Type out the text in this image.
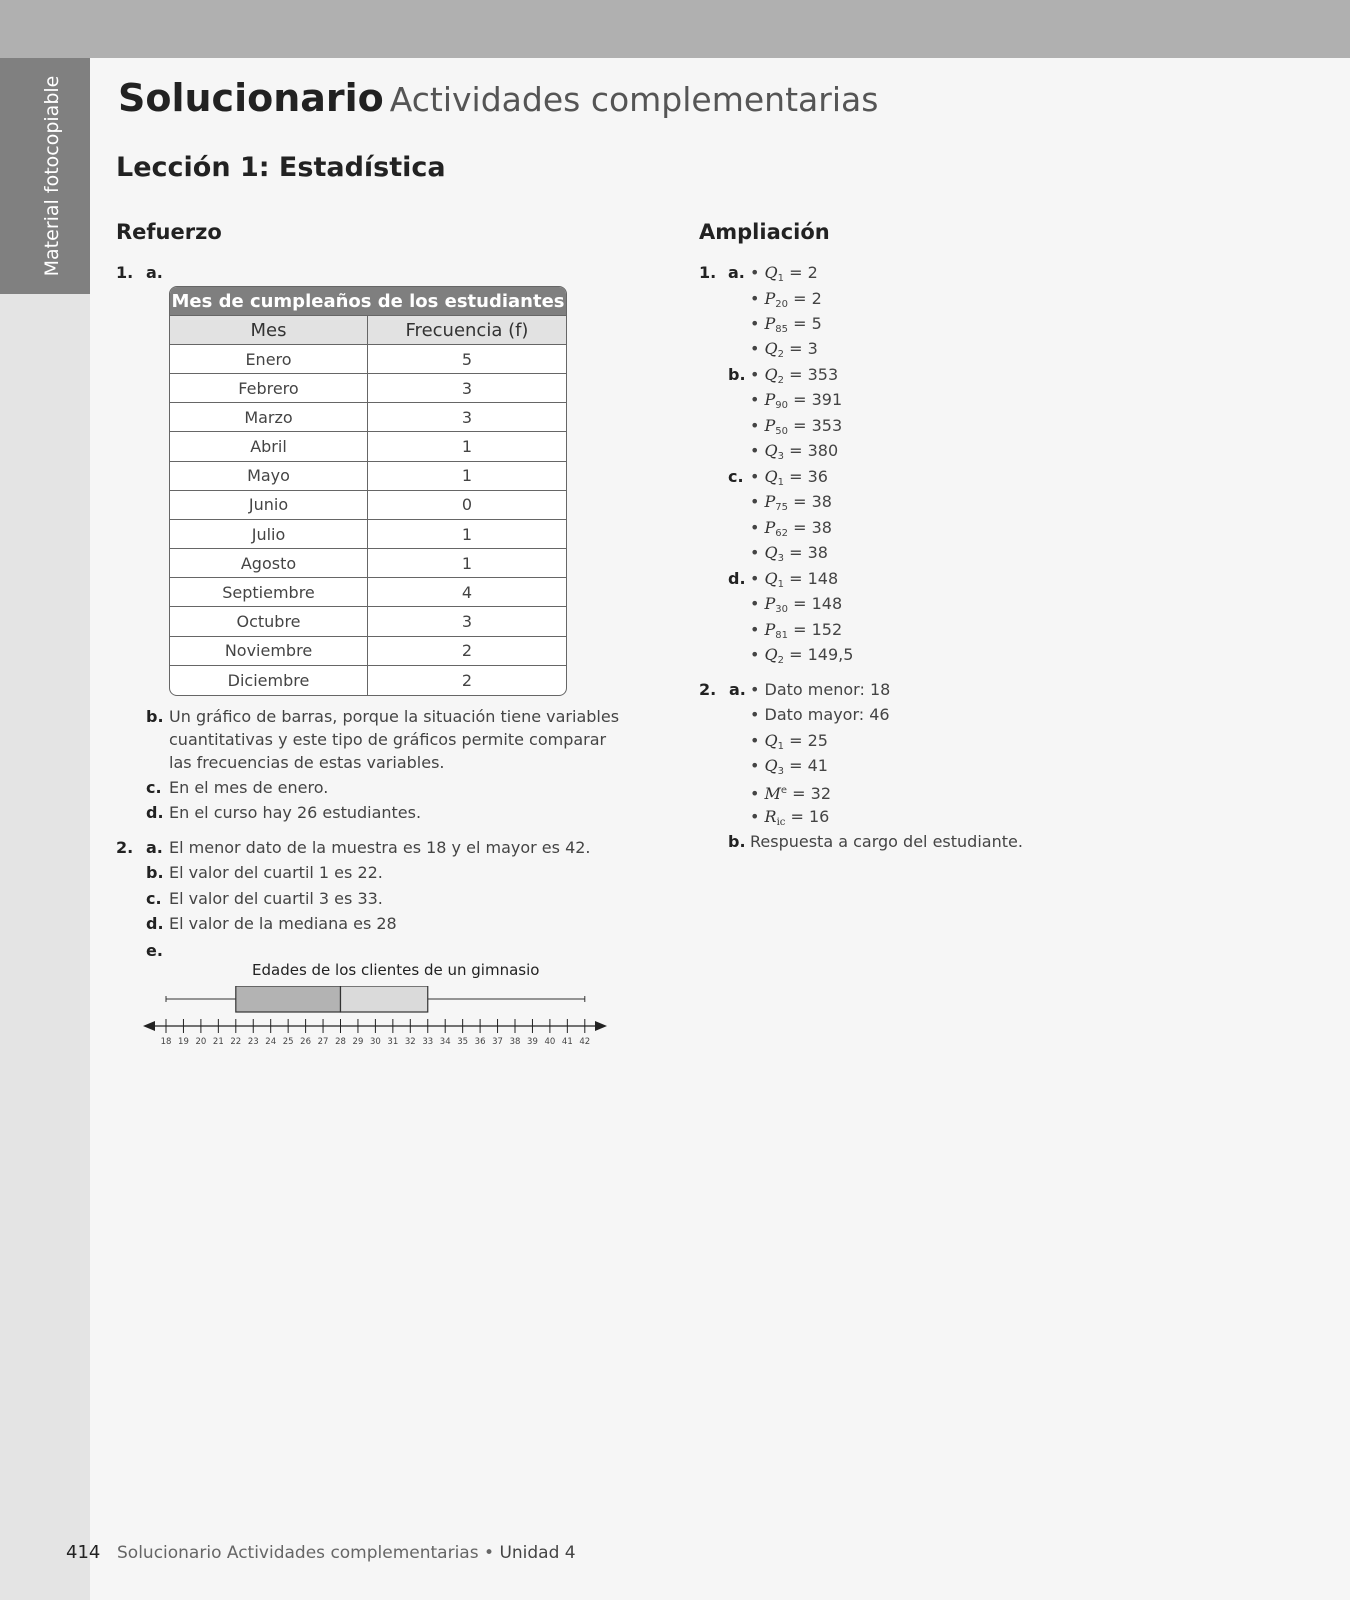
Material fotocopiable Solucionario Actividades complementarias
Lección 1: Estadística
Refuerzo
1. a.
Mes de cumpleaños de los estudiantes	
Mes	Frecuencia (f)
Enero	5
Febrero	3
Marzo	3
Abril	1
Mayo	1
Junio	0
Julio	1
Agosto	1
Septiembre	4
Octubre	3
Noviembre	2
Diciembre	2
b. Un gráfico de barras, porque la situación tiene variables
cuantitativas y este tipo de gráficos permite comparar
las frecuencias de estas variables.
c. En el mes de enero.
d. En el curso hay 26 estudiantes.
2. a. El menor dato de la muestra es 18 y el mayor es 42.
b. El valor del cuartil 1 es 22.
c. El valor del cuartil 3 es 33.
d. El valor de la mediana es 28
e.
Edades de los clientes de un gimnasio
18 19 20 21 22 23 24 25 26 27 28 29 30 31 32 33 34 35 36 37 38 39 40 41 42
Ampliación
1. a. • $Q_1 = 2$
• $P_{20} = 2$
• $P_{85} = 5$
• $Q_2 = 3$
b. • $Q_2 = 353$
• $P_{90} = 391$
• $P_{50} = 353$
• $Q_3 = 380$
c. • $Q_1 = 36$
• $P_{75} = 38$
• $P_{62} = 38$
• $Q_3 = 38$
d. • $Q_1 = 148$
• $P_{30} = 148$
• $P_{81} = 152$
• $Q_2 = 149,5$
2. a. • Dato menor: 18
• Dato mayor: 46
• $Q_1 = 25$
• $Q_3 = 41$
• $M^e = 32$
• $R_{ic} = 16$
b. Respuesta a cargo del estudiante.
414 Solucionario Actividades complementarias • Unidad 4
